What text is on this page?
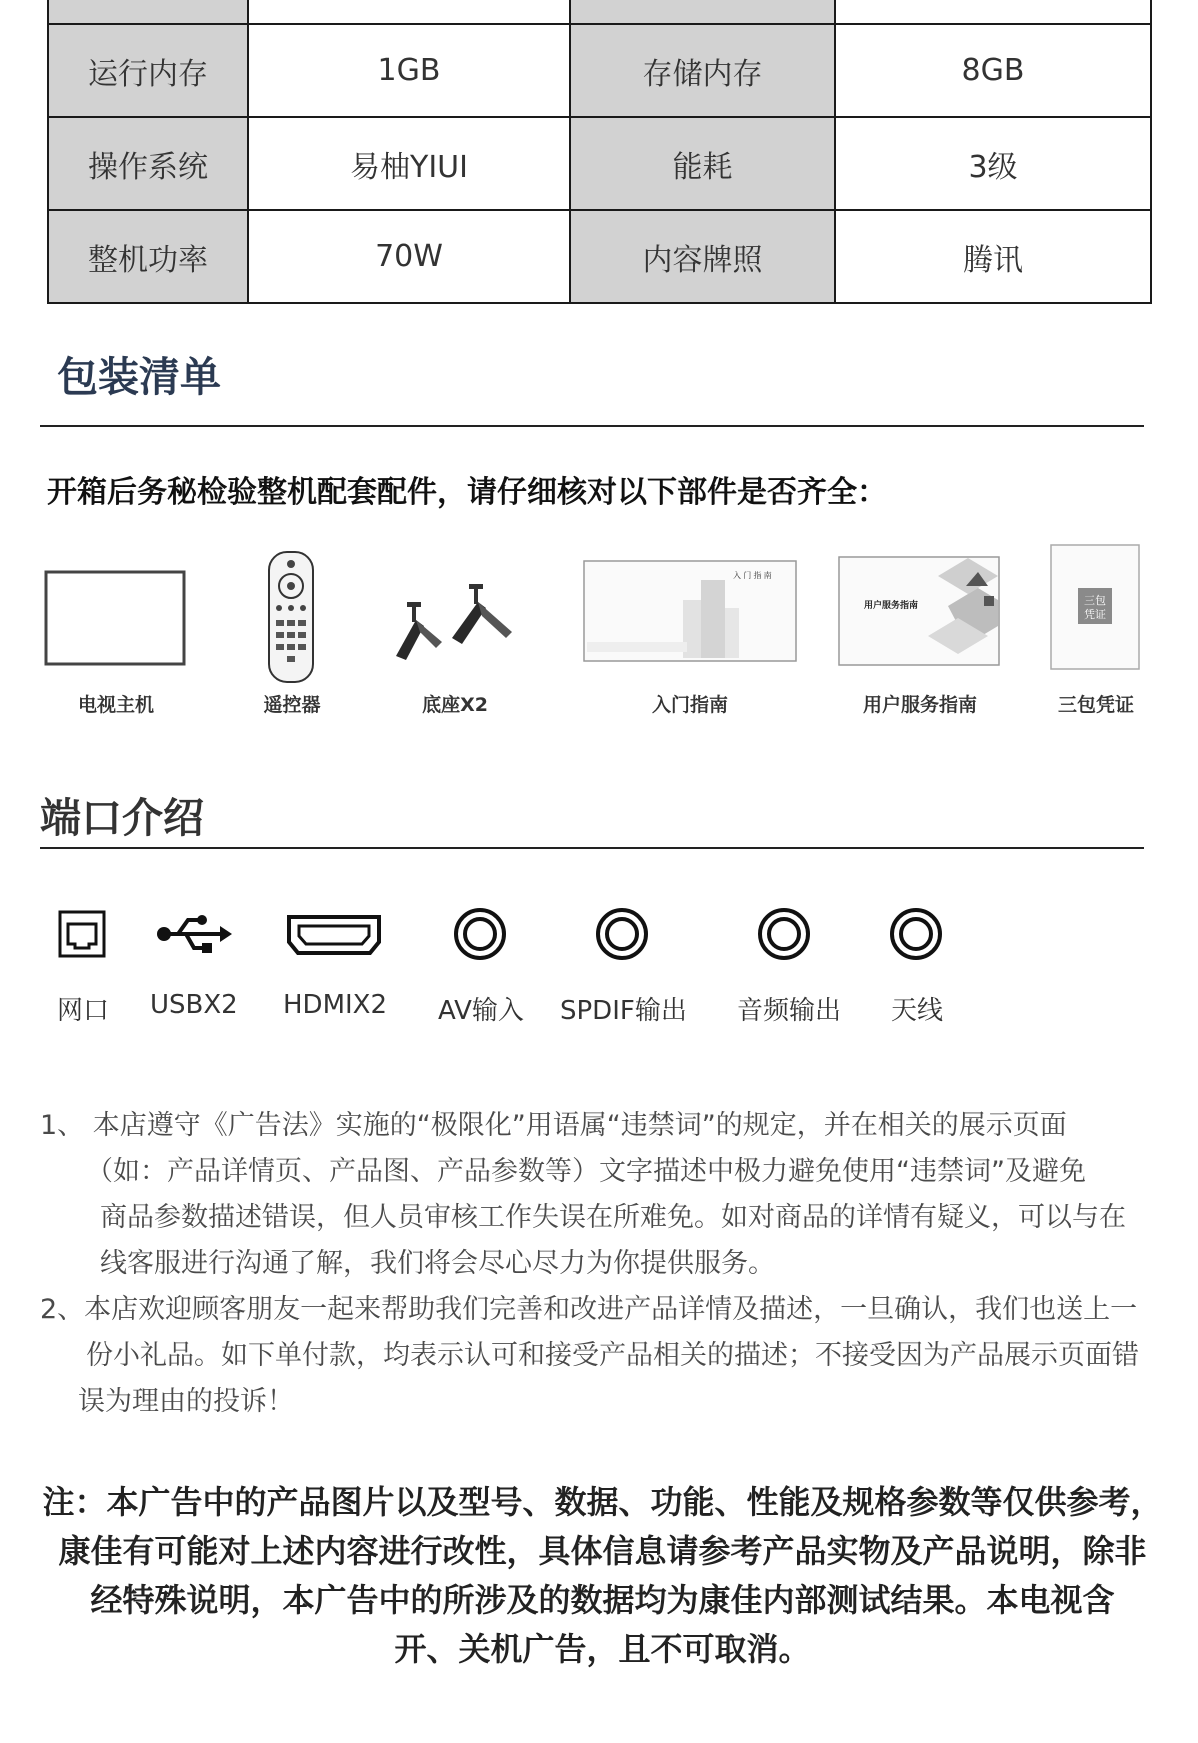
运行内存	1GB	存储内存	8GB
操作系统	易柚YIUI	能耗	3级
整机功率	70W	内容牌照	腾讯
包装清单
开箱后务秘检验整机配套配件，请仔细核对以下部件是否齐全：
电视主机	遥控器	底座X2
入 门 指 南
入门指南
用户服务指南
用户服务指南
三包
凭证
三包凭证
端口介绍
网口 USBX2 HDMIX2 AV输入 SPDIF输出 音频输出 天线

1、 本店遵守《广告法》实施的“极限化”用语属“违禁词”的规定，并在相关的展示页面

（如：产品详情页、产品图、产品参数等）文字描述中极力避免使用“违禁词”及避免

商品参数描述错误，但人员审核工作失误在所难免。如对商品的详情有疑义，可以与在

线客服进行沟通了解，我们将会尽心尽力为你提供服务。

2、本店欢迎顾客朋友一起来帮助我们完善和改进产品详情及描述，一旦确认，我们也送上一

份小礼品。如下单付款，均表示认可和接受产品相关的描述；不接受因为产品展示页面错

误为理由的投诉！

注：本广告中的产品图片以及型号、数据、功能、性能及规格参数等仅供参考，

康佳有可能对上述内容进行改性，具体信息请参考产品实物及产品说明，除非

经特殊说明，本广告中的所涉及的数据均为康佳内部测试结果。本电视含

开、关机广告，且不可取消。
